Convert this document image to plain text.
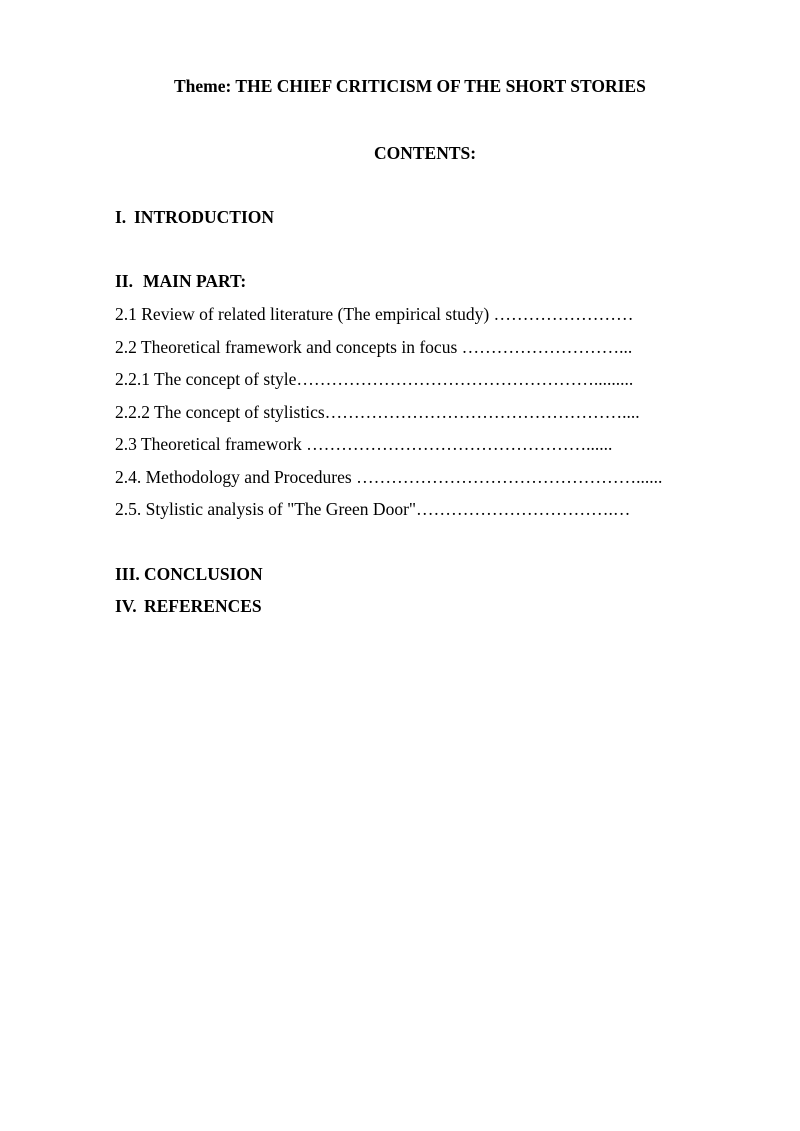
Theme: THE CHIEF CRITICISM OF THE SHORT STORIES
CONTENTS:
I. INTRODUCTION
II. MAIN PART:
2.1 Review of related literature (The empirical study) ……………………
2.2 Theoretical framework and concepts in focus ………………………...
2.2.1 The concept of style…………………………………………….........
2.2.2 The concept of stylistics……………………………………………....
2.3 Theoretical framework …………………………………………......
2.4. Methodology and Procedures …………………………………………......
2.5. Stylistic analysis of "The Green Door"…………………………….…
III. CONCLUSION
IV. REFERENCES
